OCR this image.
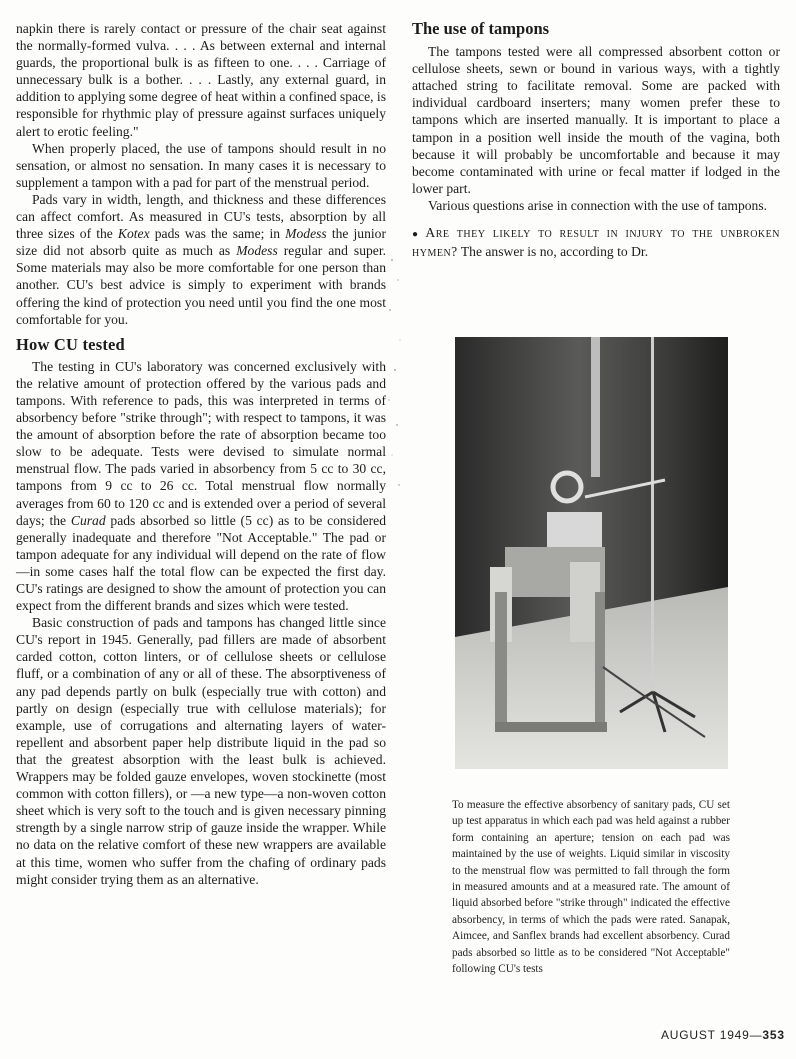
napkin there is rarely contact or pressure of the chair seat against the normally-formed vulva. . . . As between external and internal guards, the proportional bulk is as fifteen to one. . . . Carriage of unnecessary bulk is a bother. . . . Lastly, any external guard, in addition to applying some degree of heat within a confined space, is responsible for rhythmic play of pressure against surfaces uniquely alert to erotic feeling."

When properly placed, the use of tampons should result in no sensation, or almost no sensation. In many cases it is necessary to supplement a tampon with a pad for part of the menstrual period.

Pads vary in width, length, and thickness and these differences can affect comfort. As measured in CU's tests, absorption by all three sizes of the Kotex pads was the same; in Modess the junior size did not absorb quite as much as Modess regular and super. Some materials may also be more comfortable for one person than another. CU's best advice is simply to experiment with brands offering the kind of protection you need until you find the one most comfortable for you.

How CU tested

The testing in CU's laboratory was concerned exclusively with the relative amount of protection offered by the various pads and tampons. With reference to pads, this was interpreted in terms of absorbency before "strike through"; with respect to tampons, it was the amount of absorption before the rate of absorption became too slow to be adequate. Tests were devised to simulate normal menstrual flow. The pads varied in absorbency from 5 cc to 30 cc, tampons from 9 cc to 26 cc. Total menstrual flow normally averages from 60 to 120 cc and is extended over a period of several days; the Curad pads absorbed so little (5 cc) as to be considered generally inadequate and therefore "Not Acceptable." The pad or tampon adequate for any individual will depend on the rate of flow—in some cases half the total flow can be expected the first day. CU's ratings are designed to show the amount of protection you can expect from the different brands and sizes which were tested.

Basic construction of pads and tampons has changed little since CU's report in 1945. Generally, pad fillers are made of absorbent carded cotton, cotton linters, or of cellulose sheets or cellulose fluff, or a combination of any or all of these. The absorptiveness of any pad depends partly on bulk (especially true with cotton) and partly on design (especially true with cellulose materials); for example, use of corrugations and alternating layers of water-repellent and absorbent paper help distribute liquid in the pad so that the greatest absorption with the least bulk is achieved. Wrappers may be folded gauze envelopes, woven stockinette (most common with cotton fillers), or —a new type—a non-woven cotton sheet which is very soft to the touch and is given necessary pinning strength by a single narrow strip of gauze inside the wrapper. While no data on the relative comfort of these new wrappers are available at this time, women who suffer from the chafing of ordinary pads might consider trying them as an alternative.

The use of tampons

The tampons tested were all compressed absorbent cotton or cellulose sheets, sewn or bound in various ways, with a tightly attached string to facilitate removal. Some are packed with individual cardboard inserters; many women prefer these to tampons which are inserted manually. It is important to place a tampon in a position well inside the mouth of the vagina, both because it will probably be uncomfortable and because it may become contaminated with urine or fecal matter if lodged in the lower part.

Various questions arise in connection with the use of tampons.

● Are they likely to result in injury to the unbroken hymen? The answer is no, according to Dr.

To measure the effective absorbency of sanitary pads, CU set up test apparatus in which each pad was held against a rubber form containing an aperture; tension on each pad was maintained by the use of weights. Liquid similar in viscosity to the menstrual flow was permitted to fall through the form in measured amounts and at a measured rate. The amount of liquid absorbed before "strike through" indicated the effective absorbency, in terms of which the pads were rated. Sanapak, Aimcee, and Sanflex brands had excellent absorbency. Curad pads absorbed so little as to be considered "Not Acceptable" following CU's tests

AUGUST 1949—353
